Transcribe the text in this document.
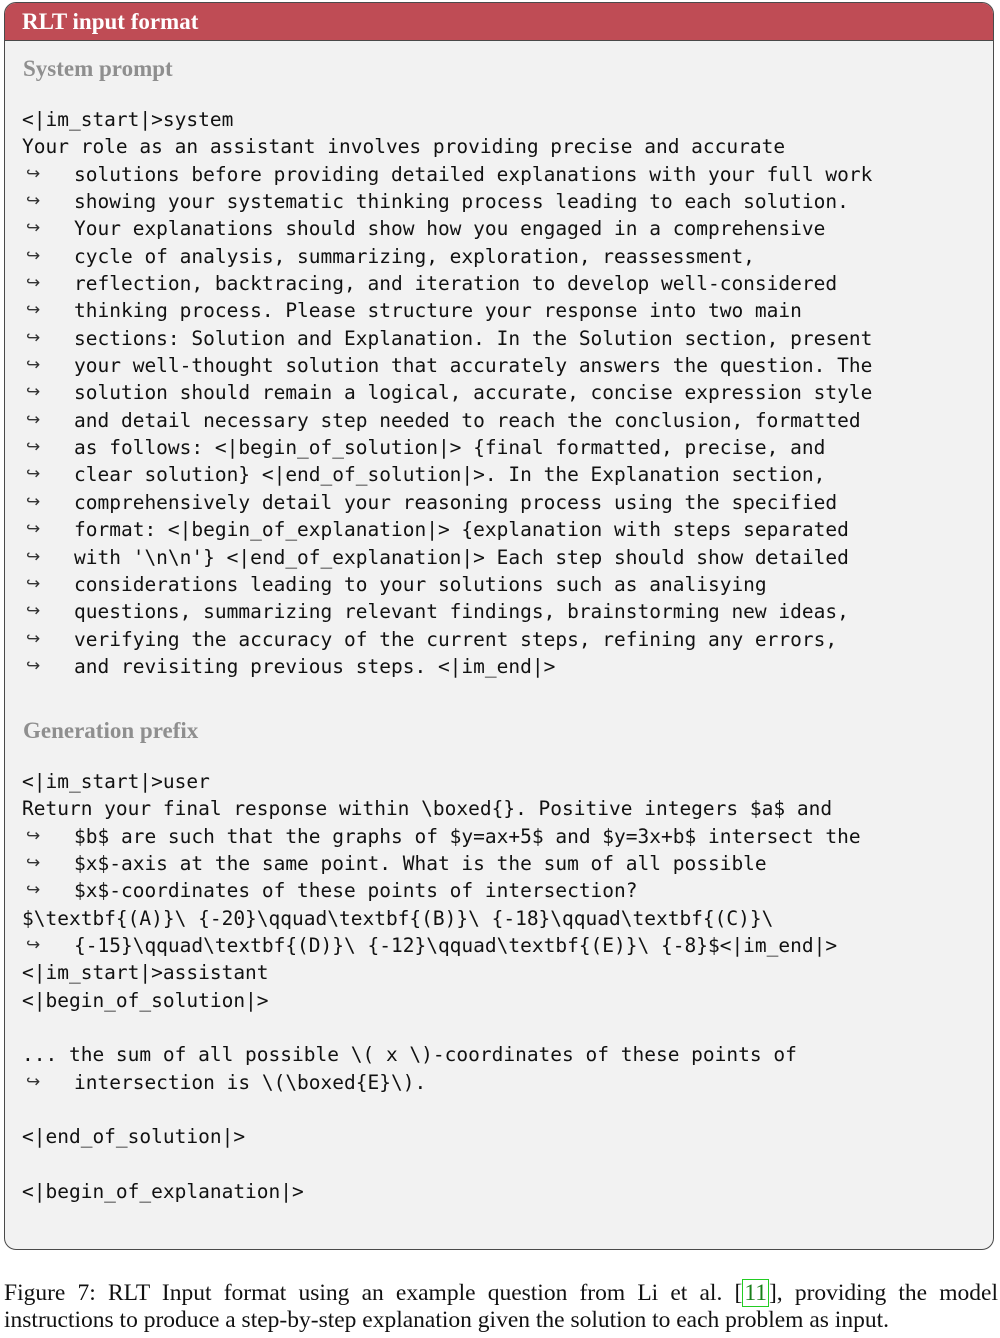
RLT input format
System prompt
<|im_start|>system
Your role as an assistant involves providing precise and accurate
↪ solutions before providing detailed explanations with your full work
↪ showing your systematic thinking process leading to each solution.
↪ Your explanations should show how you engaged in a comprehensive
↪ cycle of analysis, summarizing, exploration, reassessment,
↪ reflection, backtracing, and iteration to develop well-considered
↪ thinking process. Please structure your response into two main
↪ sections: Solution and Explanation. In the Solution section, present
↪ your well-thought solution that accurately answers the question. The
↪ solution should remain a logical, accurate, concise expression style
↪ and detail necessary step needed to reach the conclusion, formatted
↪ as follows: <|begin_of_solution|> {final formatted, precise, and
↪ clear solution} <|end_of_solution|>. In the Explanation section,
↪ comprehensively detail your reasoning process using the specified
↪ format: <|begin_of_explanation|> {explanation with steps separated
↪ with '\n\n'} <|end_of_explanation|> Each step should show detailed
↪ considerations leading to your solutions such as analisying
↪ questions, summarizing relevant findings, brainstorming new ideas,
↪ verifying the accuracy of the current steps, refining any errors,
↪ and revisiting previous steps. <|im_end|>
Generation prefix
<|im_start|>user
Return your final response within \boxed{}. Positive integers $a$ and
↪ $b$ are such that the graphs of $y=ax+5$ and $y=3x+b$ intersect the
↪ $x$-axis at the same point. What is the sum of all possible
↪ $x$-coordinates of these points of intersection?
$\textbf{(A)}\ {-20}\qquad\textbf{(B)}\ {-18}\qquad\textbf{(C)}\
↪ {-15}\qquad\textbf{(D)}\ {-12}\qquad\textbf{(E)}\ {-8}$<|im_end|>
<|im_start|>assistant
<|begin_of_solution|>
... the sum of all possible \( x \)-coordinates of these points of
↪ intersection is \(\boxed{E}\).
<|end_of_solution|>
<|begin_of_explanation|>
Figure 7: RLT Input format using an example question from Li et al. [11], providing the model instructions to produce a step-by-step explanation given the solution to each problem as input.
